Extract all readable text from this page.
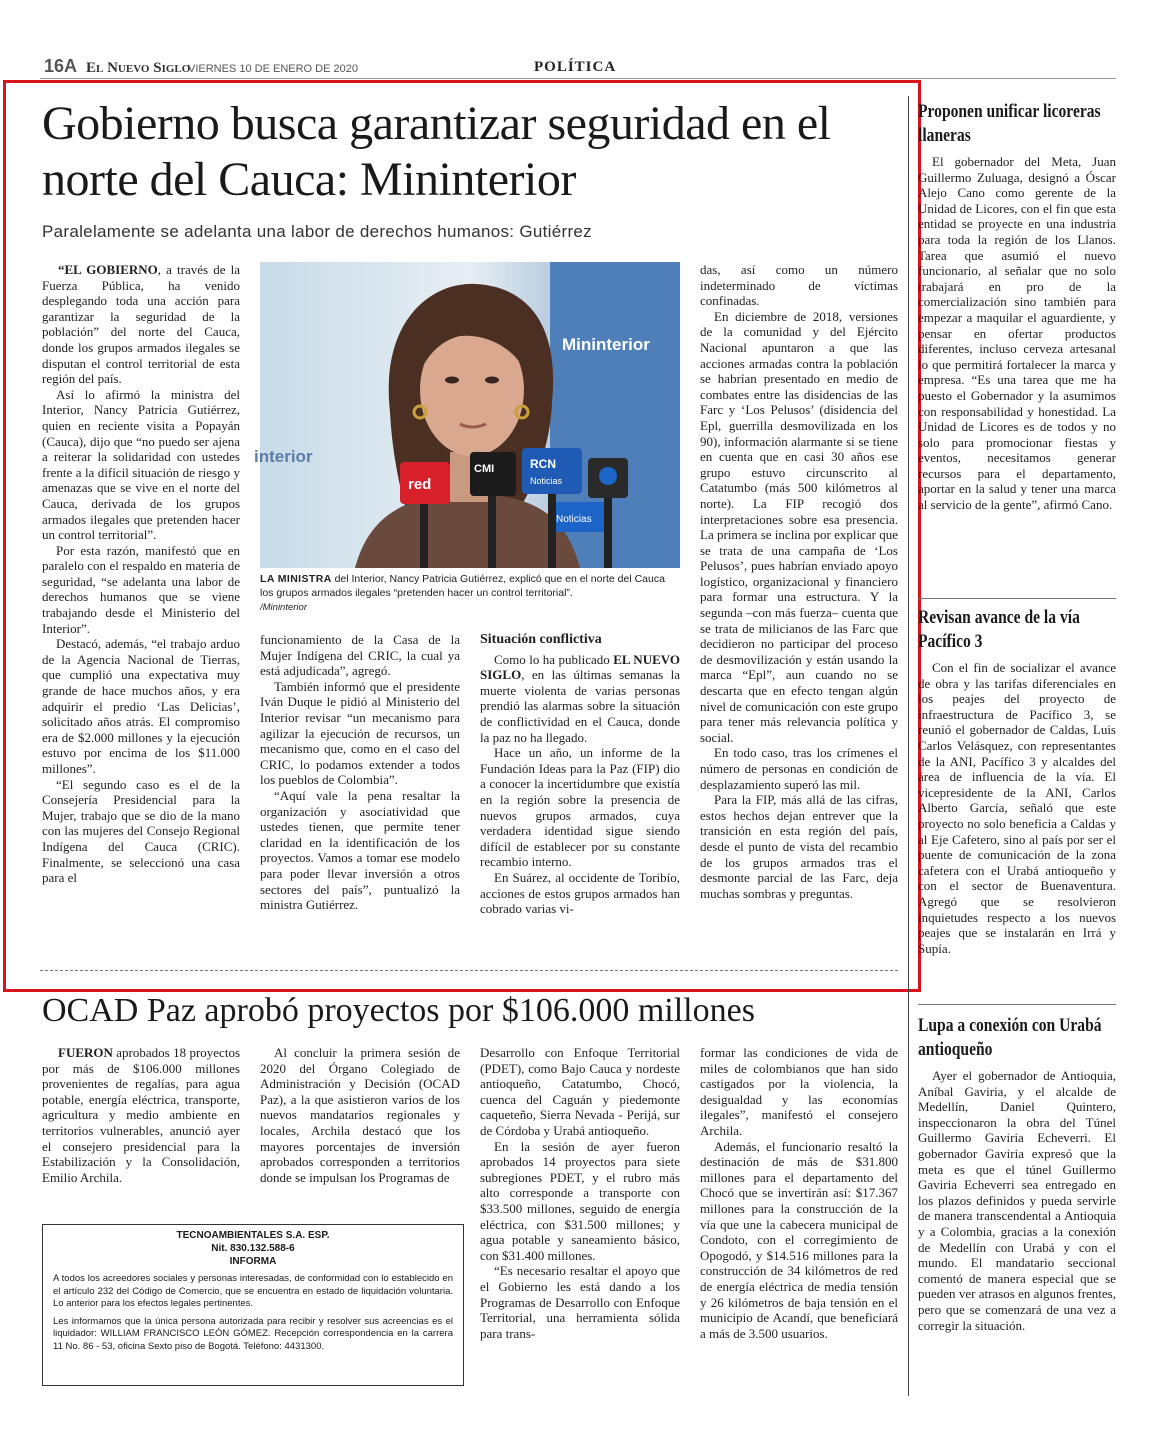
16A El Nuevo Siglo
VIERNES 10 DE ENERO DE 2020	POLÍTICA
Gobierno busca garantizar seguridad en el norte del Cauca: Mininterior
Paralelamente se adelanta una labor de derechos humanos: Gutiérrez

“EL GOBIERNO, a través de la Fuerza Pública, ha venido desplegando toda una acción para garantizar la seguridad de la población” del norte del Cauca, donde los grupos armados ilegales se disputan el control territorial de esta región del país.

Así lo afirmó la ministra del Interior, Nancy Patricia Gutiérrez, quien en reciente visita a Popayán (Cauca), dijo que “no puedo ser ajena a reiterar la solidaridad con ustedes frente a la difícil situación de riesgo y amenazas que se vive en el norte del Cauca, derivada de los grupos armados ilegales que pretenden hacer un control territorial”.

Por esta razón, manifestó que en paralelo con el respaldo en materia de seguridad, “se adelanta una labor de derechos humanos que se viene trabajando desde el Ministerio del Interior”.

Destacó, además, “el trabajo arduo de la Agencia Nacional de Tierras, que cumplió una expectativa muy grande de hace muchos años, y era adquirir el predio ‘Las Delicias’, solicitado años atrás. El compromiso era de $2.000 millones y la ejecución estuvo por encima de los $11.000 millones”.

“El segundo caso es el de la Consejería Presidencial para la Mujer, trabajo que se dio de la mano con las mujeres del Consejo Regional Indígena del Cauca (CRIC). Finalmente, se seleccionó una casa para el

Mininterior
interior
red
CMI	RCN
Noticias
Noticias
LA MINISTRA del Interior, Nancy Patricia Gutiérrez, explicó que en el norte del Cauca los grupos armados ilegales “pretenden hacer un control territorial”.
/Mininterior

funcionamiento de la Casa de la Mujer Indígena del CRIC, la cual ya está adjudicada”, agregó.

También informó que el presidente Iván Duque le pidió al Ministerio del Interior revisar “un mecanismo para agilizar la ejecución de recursos, un mecanismo que, como en el caso del CRIC, lo podamos extender a todos los pueblos de Colombia”.

“Aquí vale la pena resaltar la organización y asociatividad que ustedes tienen, que permite tener claridad en la identificación de los proyectos. Vamos a tomar ese modelo para poder llevar inversión a otros sectores del país”, puntualizó la ministra Gutiérrez.

Situación conflictiva

Como lo ha publicado EL NUEVO SIGLO, en las últimas semanas la muerte violenta de varias personas prendió las alarmas sobre la situación de conflictividad en el Cauca, donde la paz no ha llegado.

Hace un año, un informe de la Fundación Ideas para la Paz (FIP) dio a conocer la incertidumbre que existía en la región sobre la presencia de nuevos grupos armados, cuya verdadera identidad sigue siendo difícil de establecer por su constante recambio interno.

En Suárez, al occidente de Toribío, acciones de estos grupos armados han cobrado varias vi-

das, así como un número indeterminado de víctimas confinadas.

En diciembre de 2018, versiones de la comunidad y del Ejército Nacional apuntaron a que las acciones armadas contra la población se habrían presentado en medio de combates entre las disidencias de las Farc y ‘Los Pelusos’ (disidencia del Epl, guerrilla desmovilizada en los 90), información alarmante si se tiene en cuenta que en casi 30 años ese grupo estuvo circunscrito al Catatumbo (más 500 kilómetros al norte). La FIP recogió dos interpretaciones sobre esa presencia. La primera se inclina por explicar que se trata de una campaña de ‘Los Pelusos’, pues habrían enviado apoyo logístico, organizacional y financiero para formar una estructura. Y la segunda –con más fuerza– cuenta que se trata de milicianos de las Farc que decidieron no participar del proceso de desmovilización y están usando la marca “Epl”, aun cuando no se descarta que en efecto tengan algún nivel de comunicación con este grupo para tener más relevancia política y social.

En todo caso, tras los crímenes el número de personas en condición de desplazamiento superó las mil.

Para la FIP, más allá de las cifras, estos hechos dejan entrever que la transición en esta región del país, desde el punto de vista del recambio de los grupos armados tras el desmonte parcial de las Farc, deja muchas sombras y preguntas.

OCAD Paz aprobó proyectos por $106.000 millones

FUERON aprobados 18 proyectos por más de $106.000 millones provenientes de regalías, para agua potable, energía eléctrica, transporte, agricultura y medio ambiente en territorios vulnerables, anunció ayer el consejero presidencial para la Estabilización y la Consolidación, Emilio Archila.

Al concluir la primera sesión de 2020 del Órgano Colegiado de Administración y Decisión (OCAD Paz), a la que asistieron varios de los nuevos mandatarios regionales y locales, Archila destacó que los mayores porcentajes de inversión aprobados corresponden a territorios donde se impulsan los Programas de

Desarrollo con Enfoque Territorial (PDET), como Bajo Cauca y nordeste antioqueño, Catatumbo, Chocó, cuenca del Caguán y piedemonte caqueteño, Sierra Nevada - Perijá, sur de Córdoba y Urabá antioqueño.

En la sesión de ayer fueron aprobados 14 proyectos para siete subregiones PDET, y el rubro más alto corresponde a transporte con $33.500 millones, seguido de energía eléctrica, con $31.500 millones; y agua potable y saneamiento básico, con $31.400 millones.

“Es necesario resaltar el apoyo que el Gobierno les está dando a los Programas de Desarrollo con Enfoque Territorial, una herramienta sólida para trans-

formar las condiciones de vida de miles de colombianos que han sido castigados por la violencia, la desigualdad y las economías ilegales”, manifestó el consejero Archila.

Además, el funcionario resaltó la destinación de más de $31.800 millones para el departamento del Chocó que se invertirán así: $17.367 millones para la construcción de la vía que une la cabecera municipal de Condoto, con el corregimiento de Opogodó, y $14.516 millones para la construcción de 34 kilómetros de red de energía eléctrica de media tensión y 26 kilómetros de baja tensión en el municipio de Acandí, que beneficiará a más de 3.500 usuarios.

TECNOAMBIENTALES S.A. ESP.
Nit. 830.132.588-6
INFORMA

A todos los acreedores sociales y personas interesadas, de conformidad con lo establecido en el artículo 232 del Código de Comercio, que se encuentra en estado de liquidación voluntaria. Lo anterior para los efectos legales pertinentes.

Les informamos que la única persona autorizada para recibir y resolver sus acreencias es el liquidador: WILLIAM FRANCISCO LEÓN GÓMEZ. Recepción correspondencia en la carrera 11 No. 86 - 53, oficina Sexto piso de Bogotá. Teléfono: 4431300.

Proponen unificar licoreras llaneras

El gobernador del Meta, Juan Guillermo Zuluaga, designó a Óscar Alejo Cano como gerente de la Unidad de Licores, con el fin que esta entidad se proyecte en una industria para toda la región de los Llanos. Tarea que asumió el nuevo funcionario, al señalar que no solo trabajará en pro de la comercialización sino también para empezar a maquilar el aguardiente, y pensar en ofertar productos diferentes, incluso cerveza artesanal lo que permitirá fortalecer la marca y empresa. “Es una tarea que me ha puesto el Gobernador y la asumimos con responsabilidad y honestidad. La Unidad de Licores es de todos y no solo para promocionar fiestas y eventos, necesitamos generar recursos para el departamento, aportar en la salud y tener una marca al servicio de la gente”, afirmó Cano.

Revisan avance de la vía Pacífico 3

Con el fin de socializar el avance de obra y las tarifas diferenciales en los peajes del proyecto de infraestructura de Pacífico 3, se reunió el gobernador de Caldas, Luis Carlos Velásquez, con representantes de la ANI, Pacífico 3 y alcaldes del área de influencia de la vía. El vicepresidente de la ANI, Carlos Alberto García, señaló que este proyecto no solo beneficia a Caldas y al Eje Cafetero, sino al país por ser el puente de comunicación de la zona cafetera con el Urabá antioqueño y con el sector de Buenaventura. Agregó que se resolvieron inquietudes respecto a los nuevos peajes que se instalarán en Irrá y Supía.

Lupa a conexión con Urabá antioqueño

Ayer el gobernador de Antioquia, Aníbal Gaviria, y el alcalde de Medellín, Daniel Quintero, inspeccionaron la obra del Túnel Guillermo Gaviria Echeverri. El gobernador Gaviria expresó que la meta es que el túnel Guillermo Gaviria Echeverri sea entregado en los plazos definidos y pueda servirle de manera transcendental a Antioquia y a Colombia, gracias a la conexión de Medellín con Urabá y con el mundo. El mandatario seccional comentó de manera especial que se pueden ver atrasos en algunos frentes, pero que se comenzará de una vez a corregir la situación.
